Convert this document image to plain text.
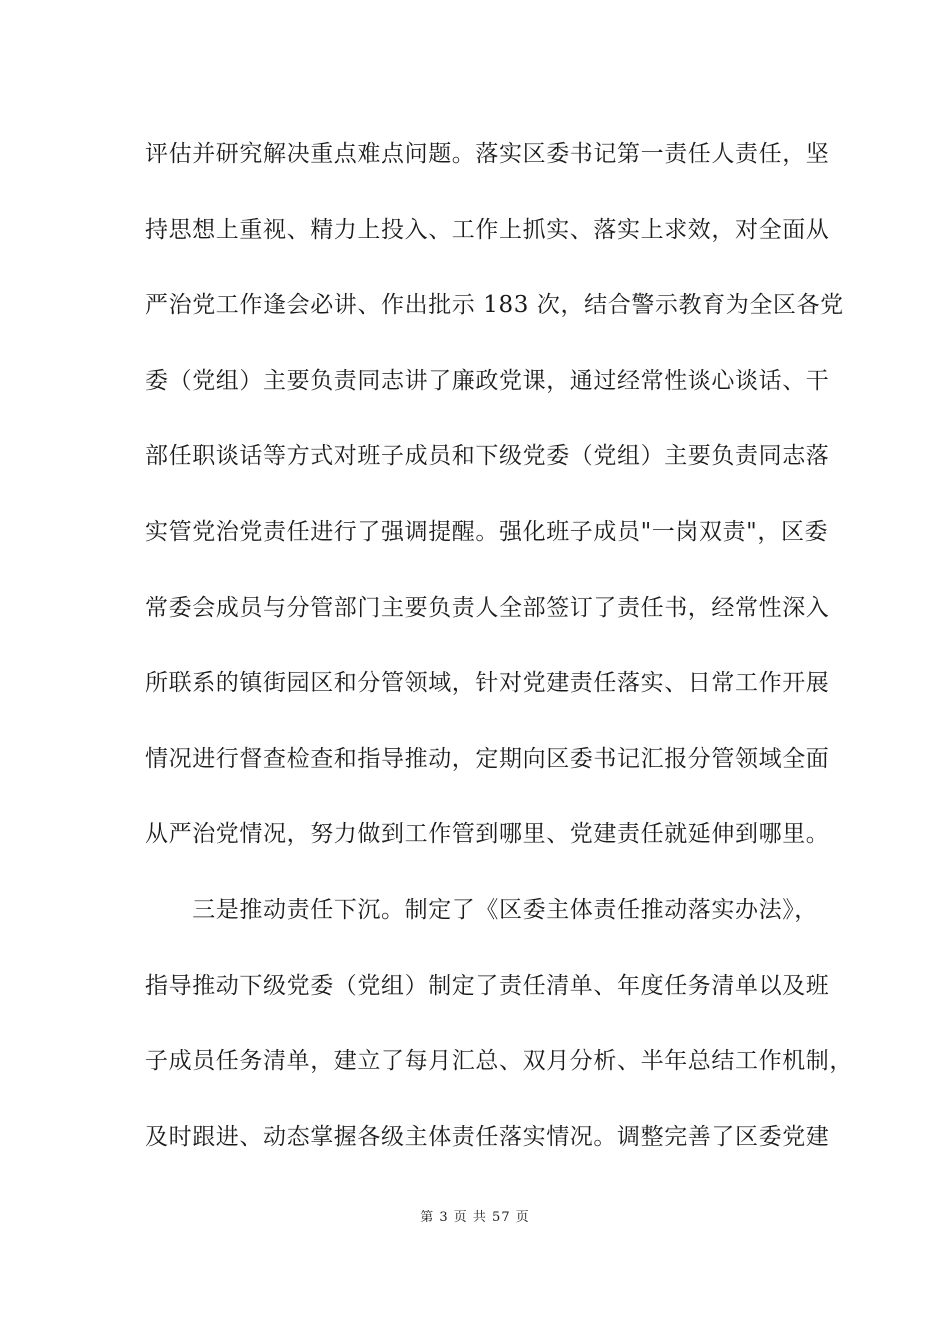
评估并研究解决重点难点问题。落实区委书记第一责任人责任，坚
持思想上重视、精力上投入、工作上抓实、落实上求效，对全面从
严治党工作逢会必讲、作出批示 183 次，结合警示教育为全区各党
委（党组）主要负责同志讲了廉政党课，通过经常性谈心谈话、干
部任职谈话等方式对班子成员和下级党委（党组）主要负责同志落
实管党治党责任进行了强调提醒。强化班子成员"一岗双责"，区委
常委会成员与分管部门主要负责人全部签订了责任书，经常性深入
所联系的镇街园区和分管领域，针对党建责任落实、日常工作开展
情况进行督查检查和指导推动，定期向区委书记汇报分管领域全面
从严治党情况，努力做到工作管到哪里、党建责任就延伸到哪里。
　　三是推动责任下沉。制定了《区委主体责任推动落实办法》，
指导推动下级党委（党组）制定了责任清单、年度任务清单以及班
子成员任务清单，建立了每月汇总、双月分析、半年总结工作机制，
及时跟进、动态掌握各级主体责任落实情况。调整完善了区委党建
第 3 页 共 57 页
